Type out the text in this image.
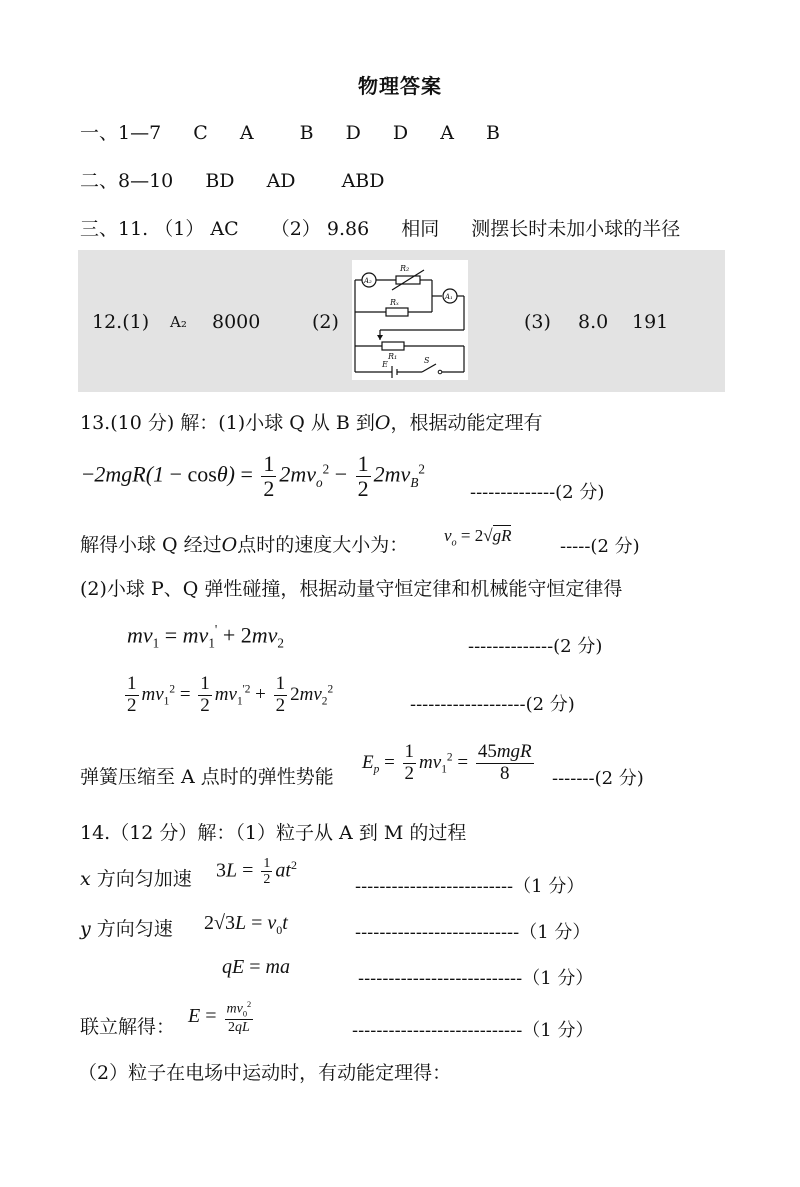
物理答案
一、1—7 C A B D D A B
二、8—10 BD AD ABD
三、11. （1） AC （2） 9.86 相同 测摆长时未加小球的半径
12.(1) A₂ 8000	(2)	(3) 8.0 191
A₂
A₁
R₂
Rₓ
R₁
E	S
13.(10 分) 解：(1)小球 Q 从 B 到O，根据动能定理有
$-2mgR(1 - \cos\theta) = \frac{1}{2} 2mv_o^2 - \frac{1}{2} 2mv_B^2$
--------------(2 分)
解得小球 Q 经过O点时的速度大小为： $v_o = 2√gR$
-----(2 分)
(2)小球 P、Q 弹性碰撞，根据动量守恒定律和机械能守恒定律得
$mv_1 = mv_1' + 2mv_2$	--------------(2 分)
$\frac{1}{2} mv_1^2 = \frac{1}{2} mv_1^{'2} + \frac{1}{2} 2mv_2^2$
-------------------(2 分)
弹簧压缩至 A 点时的弹性势能
$E_p = \frac{1}{2} mv_1^2 = \frac{\text{45mgR}}{8} -------(2$ 分)
14.（12 分）解：（1）粒子从 A 到 M 的过程
x 方向匀加速 $3L = \frac{1}{2} at^2$
--------------------------（1 分）
y 方向匀速 $2√3L = v_0t$	---------------------------（1 分）
qE = ma
---------------------------（1 分）
联立解得： $E = \frac{mv_0^2}{2qL}$	----------------------------（1 分）
（2）粒子在电场中运动时，有动能定理得：
